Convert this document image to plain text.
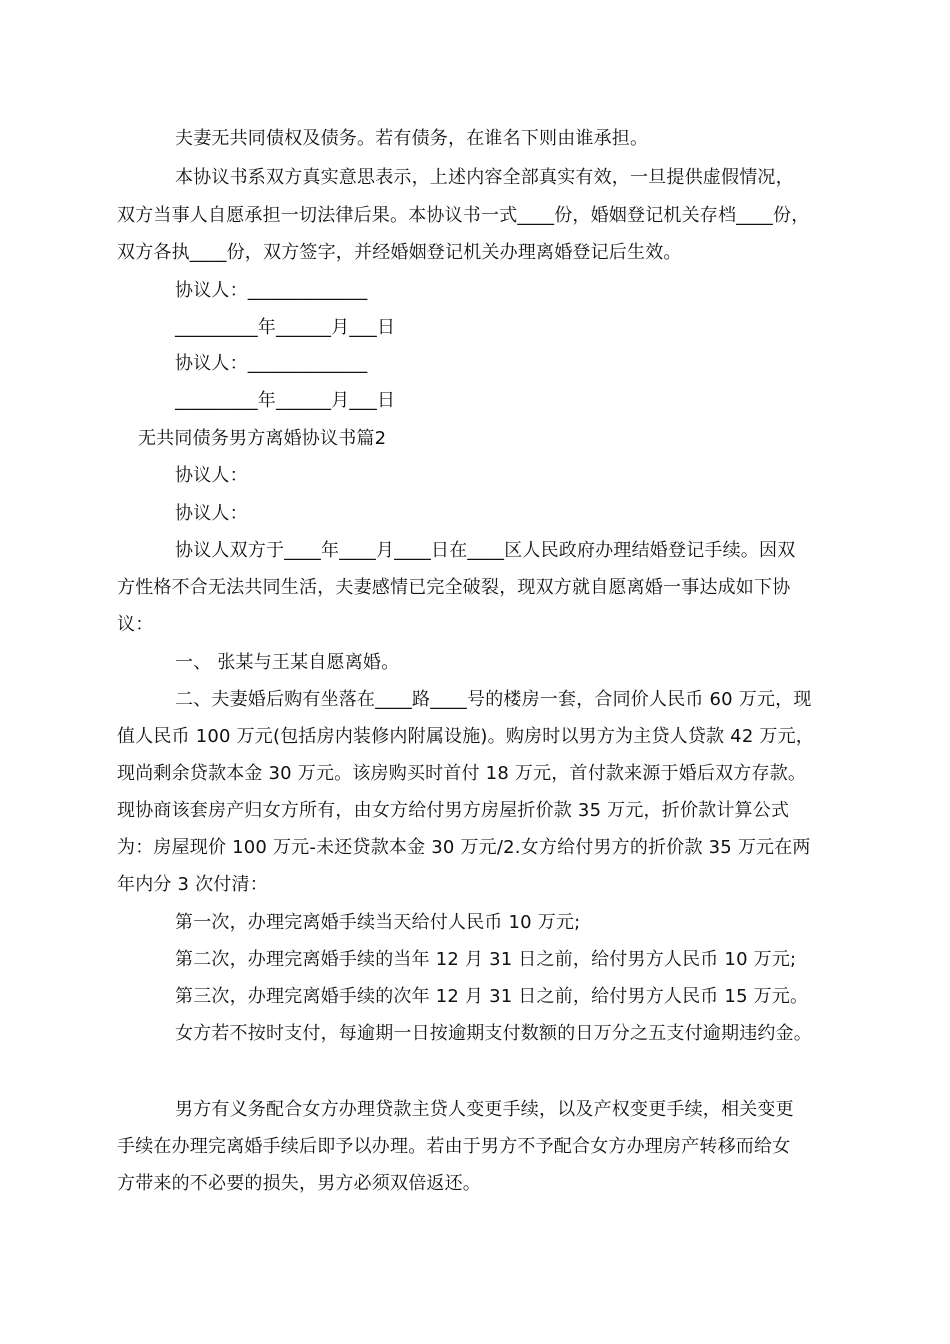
夫妻无共同债权及债务。若有债务，在谁名下则由谁承担。
本协议书系双方真实意思表示，上述内容全部真实有效，一旦提供虚假情况，
双方当事人自愿承担一切法律后果。本协议书一式____份，婚姻登记机关存档____份，
双方各执____份，双方签字，并经婚姻登记机关办理离婚登记后生效。
协议人：_____________
_________年______月___日
协议人：_____________
_________年______月___日
无共同债务男方离婚协议书篇2
协议人：
协议人：
协议人双方于____年____月____日在____区人民政府办理结婚登记手续。因双
方性格不合无法共同生活，夫妻感情已完全破裂，现双方就自愿离婚一事达成如下协
议：
一、 张某与王某自愿离婚。
二、夫妻婚后购有坐落在____路____号的楼房一套，合同价人民币 60 万元，现
值人民币 100 万元(包括房内装修内附属设施)。购房时以男方为主贷人贷款 42 万元，
现尚剩余贷款本金 30 万元。该房购买时首付 18 万元，首付款来源于婚后双方存款。
现协商该套房产归女方所有，由女方给付男方房屋折价款 35 万元，折价款计算公式
为：房屋现价 100 万元-未还贷款本金 30 万元/2.女方给付男方的折价款 35 万元在两
年内分 3 次付清：
第一次，办理完离婚手续当天给付人民币 10 万元;
第二次，办理完离婚手续的当年 12 月 31 日之前，给付男方人民币 10 万元;
第三次，办理完离婚手续的次年 12 月 31 日之前，给付男方人民币 15 万元。
女方若不按时支付，每逾期一日按逾期支付数额的日万分之五支付逾期违约金。
男方有义务配合女方办理贷款主贷人变更手续，以及产权变更手续，相关变更
手续在办理完离婚手续后即予以办理。若由于男方不予配合女方办理房产转移而给女
方带来的不必要的损失，男方必须双倍返还。
